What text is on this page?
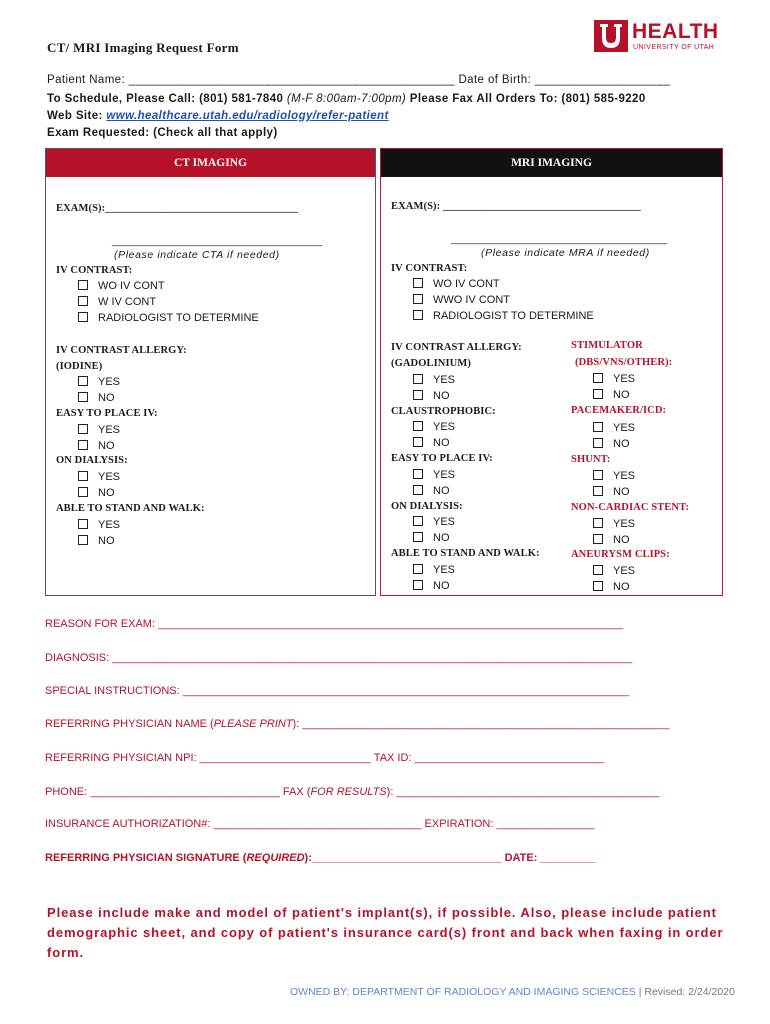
HEALTH
UNIVERSITY OF UTAH
CT/ MRI Imaging Request Form
Patient Name: ________________________________________________ Date of Birth: ____________________
To Schedule, Please Call: (801) 581-7840 (M-F 8:00am-7:00pm) Please Fax All Orders To: (801) 585-9220
Web Site: www.healthcare.utah.edu/radiology/refer-patient
Exam Requested: (Check all that apply)
CT IMAGING
EXAM(S):____________________________________
____________________________________
(Please indicate CTA if needed)
IV CONTRAST:
WO IV CONT
W IV CONT
RADIOLOGIST TO DETERMINE
IV CONTRAST ALLERGY:
(IODINE)
YES
NO
EASY TO PLACE IV:
YES
NO
ON DIALYSIS:
YES
NO
ABLE TO STAND AND WALK:
YES
NO
MRI IMAGING
EXAM(S): _____________________________________
_____________________________________
(Please indicate MRA if needed)
IV CONTRAST:
WO IV CONT
WWO IV CONT
RADIOLOGIST TO DETERMINE
IV CONTRAST ALLERGY:
(GADOLINIUM)
YES
NO
CLAUSTROPHOBIC:
YES
NO
EASY TO PLACE IV:
YES
NO
ON DIALYSIS:
YES
NO
ABLE TO STAND AND WALK:
YES
NO
STIMULATOR
(DBS/VNS/OTHER):
YES
NO
PACEMAKER/ICD:
YES
NO
SHUNT:
YES
NO
NON-CARDIAC STENT:
YES
NO
ANEURYSM CLIPS:
YES
NO
REASON FOR EXAM: ____________________________________________________________________________
DIAGNOSIS: _____________________________________________________________________________________
SPECIAL INSTRUCTIONS: _________________________________________________________________________
REFERRING PHYSICIAN NAME (PLEASE PRINT): ____________________________________________________________
REFERRING PHYSICIAN NPI: ____________________________ TAX ID: _______________________________
PHONE: _______________________________ FAX (FOR RESULTS): ___________________________________________
INSURANCE AUTHORIZATION#: __________________________________ EXPIRATION: ________________
REFERRING PHYSICIAN SIGNATURE (REQUIRED):_______________________________ DATE: _________
Please include make and model of patient's implant(s), if possible. Also, please include patient demographic sheet, and copy of patient's insurance card(s) front and back when faxing in order form.
OWNED BY: DEPARTMENT OF RADIOLOGY AND IMAGING SCIENCES | Revised: 2/24/2020
